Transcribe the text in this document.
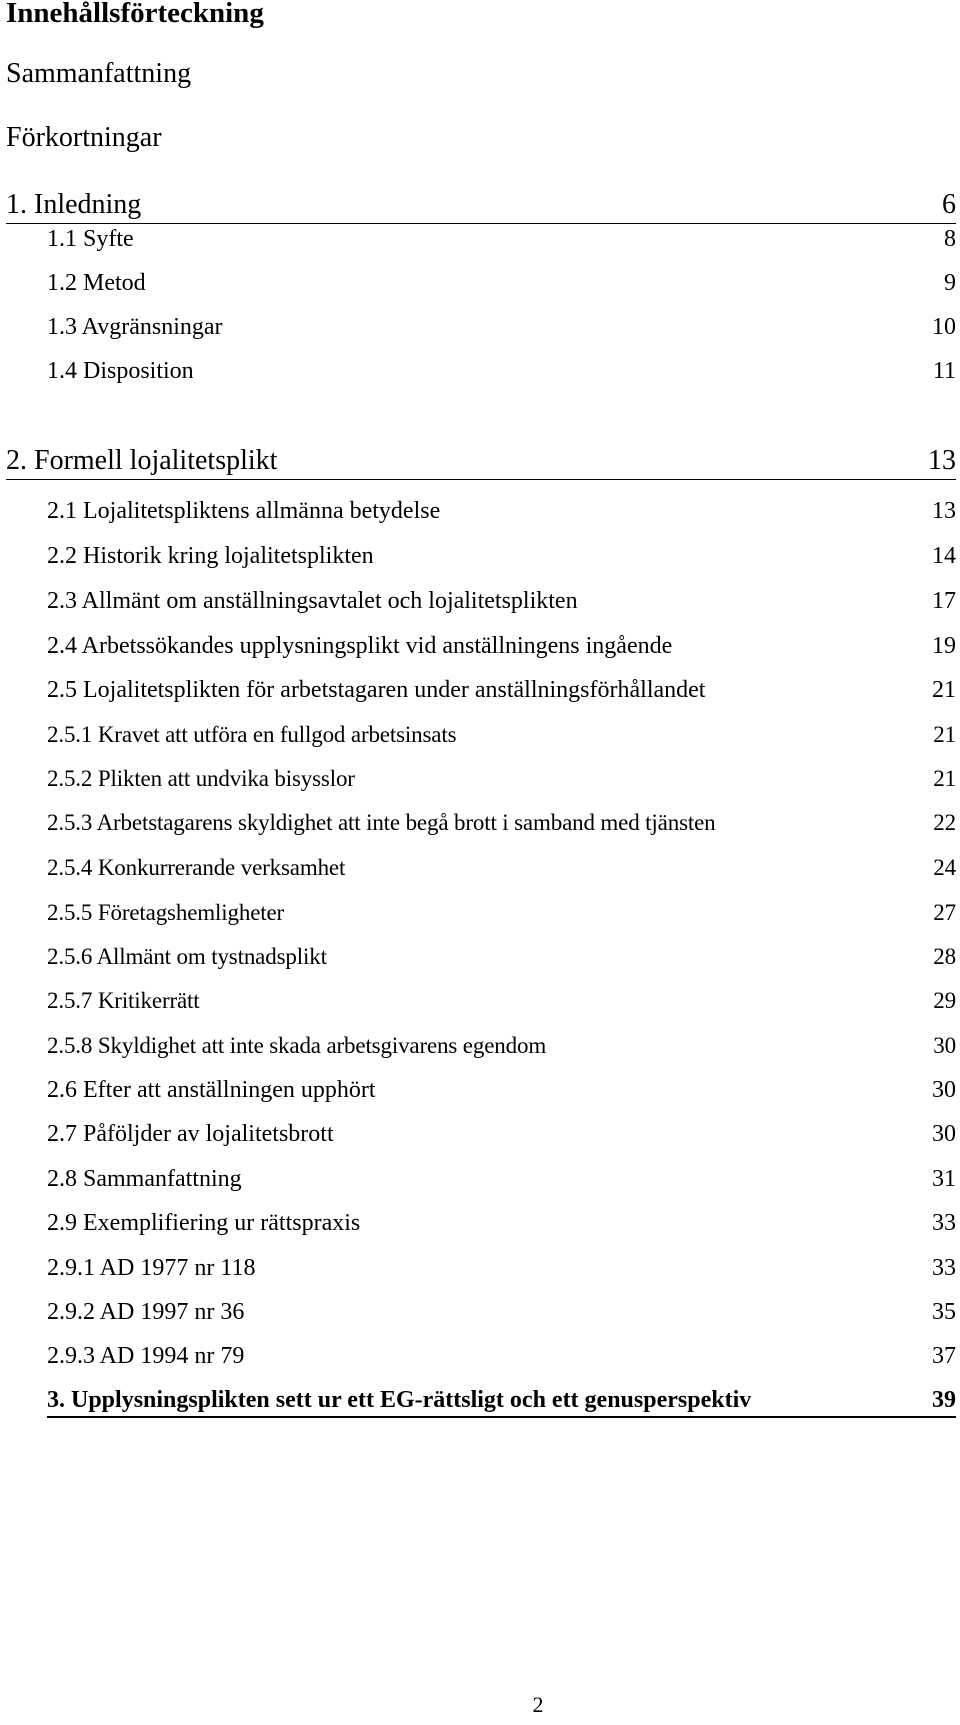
Innehållsförteckning
Sammanfattning
Förkortningar
1. Inledning	6
1.1 Syfte	8
1.2 Metod	9
1.3 Avgränsningar	10
1.4 Disposition	11
2. Formell lojalitetsplikt	13
2.1 Lojalitetspliktens allmänna betydelse	13
2.2 Historik kring lojalitetsplikten	14
2.3 Allmänt om anställningsavtalet och lojalitetsplikten	17
2.4 Arbetssökandes upplysningsplikt vid anställningens ingående	19
2.5 Lojalitetsplikten för arbetstagaren under anställningsförhållandet	21
2.5.1 Kravet att utföra en fullgod arbetsinsats	21
2.5.2 Plikten att undvika bisysslor	21
2.5.3 Arbetstagarens skyldighet att inte begå brott i samband med tjänsten	22
2.5.4 Konkurrerande verksamhet	24
2.5.5 Företagshemligheter	27
2.5.6 Allmänt om tystnadsplikt	28
2.5.7 Kritikerrätt	29
2.5.8 Skyldighet att inte skada arbetsgivarens egendom	30
2.6 Efter att anställningen upphört	30
2.7 Påföljder av lojalitetsbrott	30
2.8 Sammanfattning	31
2.9 Exemplifiering ur rättspraxis	33
2.9.1 AD 1977 nr 118	33
2.9.2 AD 1997 nr 36	35
2.9.3 AD 1994 nr 79	37
3. Upplysningsplikten sett ur ett EG-rättsligt och ett genusperspektiv	39
2
